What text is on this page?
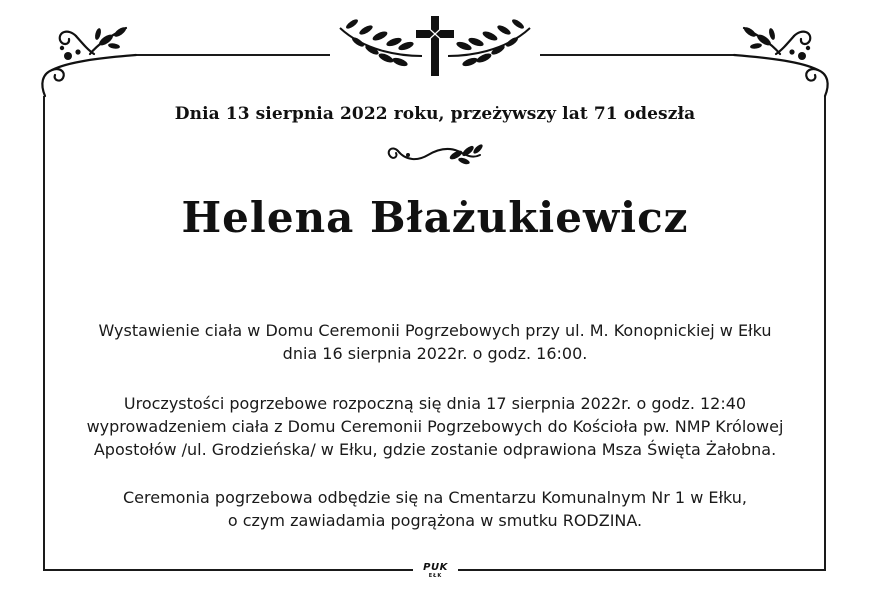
Dnia 13 sierpnia 2022 roku, przeżywszy lat 71 odeszła
Helena Błażukiewicz
Wystawienie ciała w Domu Ceremonii Pogrzebowych przy ul. M. Konopnickiej w Ełku
dnia 16 sierpnia 2022r. o godz. 16:00.
Uroczystości pogrzebowe rozpoczną się dnia 17 sierpnia 2022r. o godz. 12:40
wyprowadzeniem ciała z Domu Ceremonii Pogrzebowych do Kościoła pw. NMP Królowej
Apostołów /ul. Grodzieńska/ w Ełku, gdzie zostanie odprawiona Msza Święta Żałobna.
Ceremonia pogrzebowa odbędzie się na Cmentarzu Komunalnym Nr 1 w Ełku,
o czym zawiadamia pogrążona w smutku RODZINA.
PUK
EŁK
